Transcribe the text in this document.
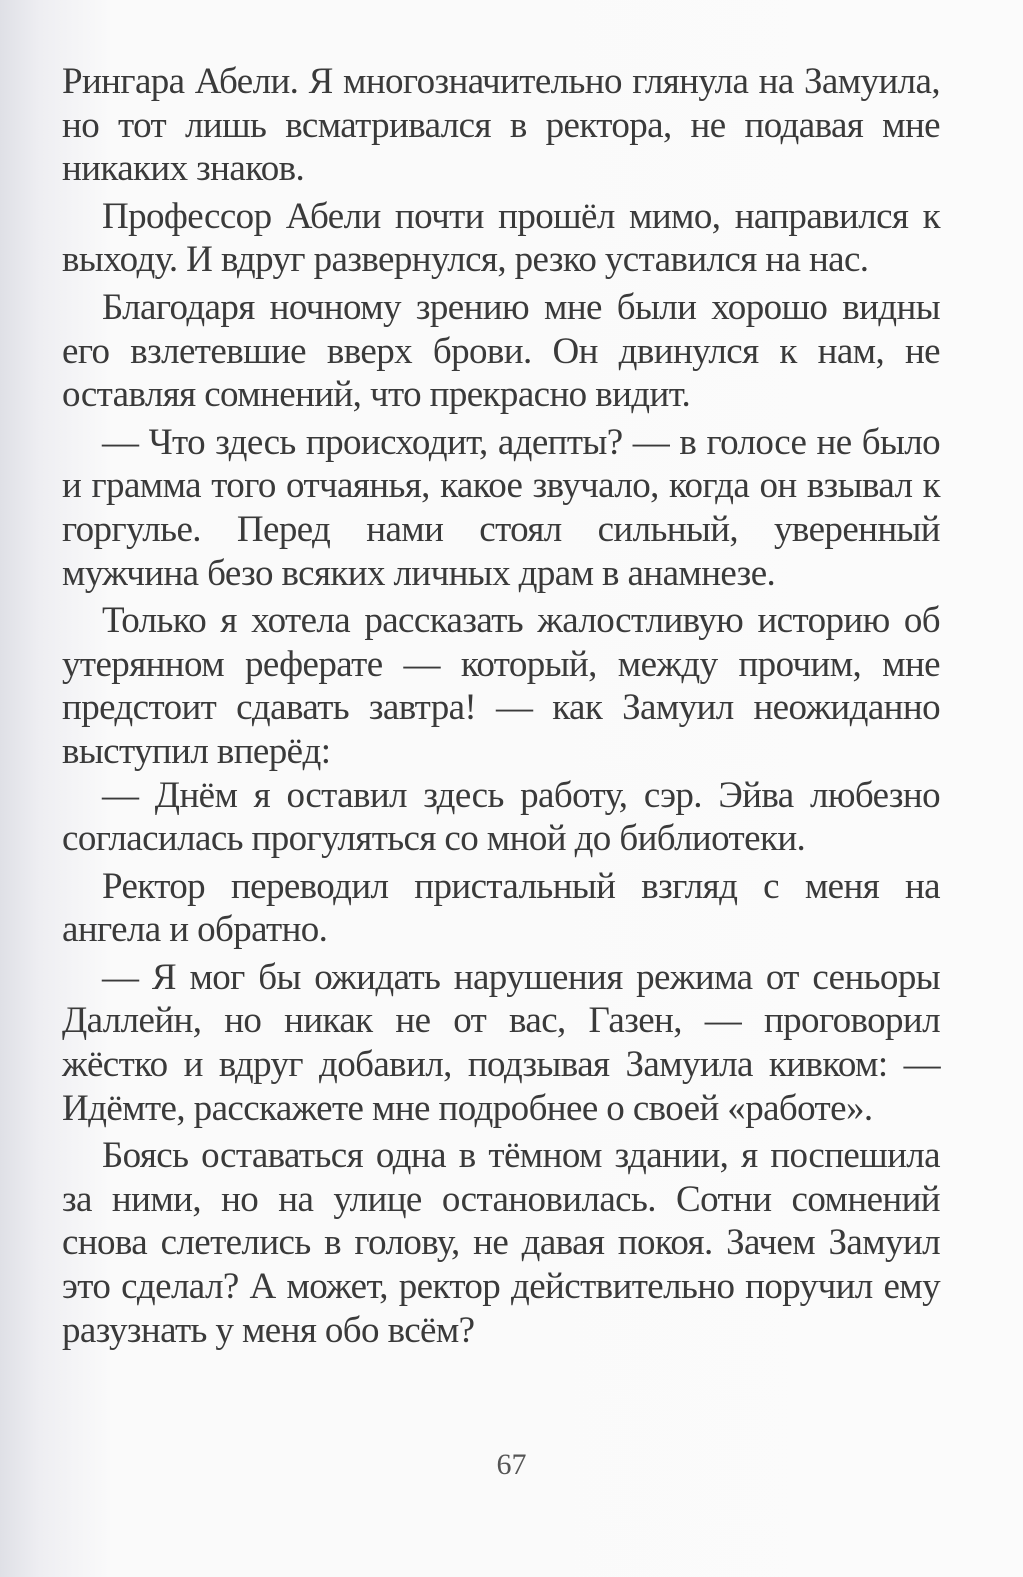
Рингара Абели. Я многозначительно глянула на Замуила, но тот лишь всматривался в ректора, не подавая мне никаких знаков.

Профессор Абели почти прошёл мимо, направился к выходу. И вдруг развернулся, резко уставился на нас.

Благодаря ночному зрению мне были хорошо видны его взлетевшие вверх брови. Он двинулся к нам, не оставляя сомнений, что прекрасно видит.

— Что здесь происходит, адепты? — в голосе не было и грамма того отчаянья, какое звучало, когда он взывал к горгулье. Перед нами стоял сильный, уверенный мужчина безо всяких личных драм в анамнезе.

Только я хотела рассказать жалостливую историю об утерянном реферате — который, между прочим, мне предстоит сдавать завтра! — как Замуил неожиданно выступил вперёд:

— Днём я оставил здесь работу, сэр. Эйва любезно согласилась прогуляться со мной до библиотеки.

Ректор переводил пристальный взгляд с меня на ангела и обратно.

— Я мог бы ожидать нарушения режима от сеньоры Даллейн, но никак не от вас, Газен, — проговорил жёстко и вдруг добавил, подзывая Замуила кивком: — Идёмте, расскажете мне подробнее о своей «работе».

Боясь оставаться одна в тёмном здании, я поспешила за ними, но на улице остановилась. Сотни сомнений снова слетелись в голову, не давая покоя. Зачем Замуил это сделал? А может, ректор действительно поручил ему разузнать у меня обо всём?

67
